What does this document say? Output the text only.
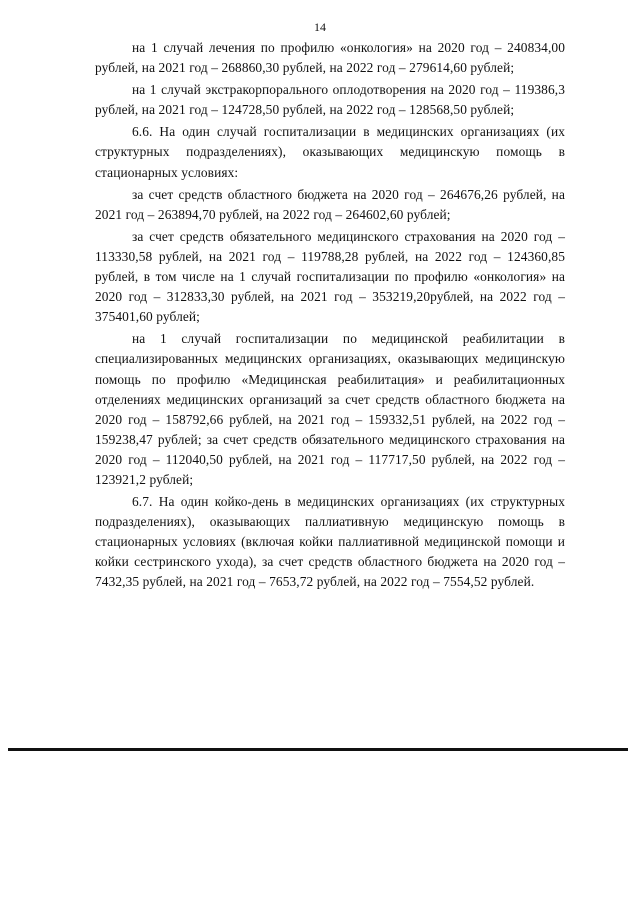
14

на 1 случай лечения по профилю «онкология» на 2020 год – 240834,00 рублей, на 2021 год – 268860,30 рублей, на 2022 год – 279614,60 рублей;

на 1 случай экстракорпорального оплодотворения на 2020 год – 119386,3 рублей, на 2021 год – 124728,50 рублей, на 2022 год – 128568,50 рублей;

6.6. На один случай госпитализации в медицинских организациях (их структурных подразделениях), оказывающих медицинскую помощь в стационарных условиях:

за счет средств областного бюджета на 2020 год – 264676,26 рублей, на 2021 год – 263894,70 рублей, на 2022 год – 264602,60 рублей;

за счет средств обязательного медицинского страхования на 2020 год – 113330,58 рублей, на 2021 год – 119788,28 рублей, на 2022 год – 124360,85 рублей, в том числе на 1 случай госпитализации по профилю «онкология» на 2020 год – 312833,30 рублей, на 2021 год – 353219,20рублей, на 2022 год – 375401,60 рублей;

на 1 случай госпитализации по медицинской реабилитации в специализированных медицинских организациях, оказывающих медицинскую помощь по профилю «Медицинская реабилитация» и реабилитационных отделениях медицинских организаций за счет средств областного бюджета на 2020 год – 158792,66 рублей, на 2021 год – 159332,51 рублей, на 2022 год – 159238,47 рублей; за счет средств обязательного медицинского страхования на 2020 год – 112040,50 рублей, на 2021 год – 117717,50 рублей, на 2022 год – 123921,2 рублей;

6.7. На один койко-день в медицинских организациях (их структурных подразделениях), оказывающих паллиативную медицинскую помощь в стационарных условиях (включая койки паллиативной медицинской помощи и койки сестринского ухода), за счет средств областного бюджета на 2020 год – 7432,35 рублей, на 2021 год – 7653,72 рублей, на 2022 год – 7554,52 рублей.
